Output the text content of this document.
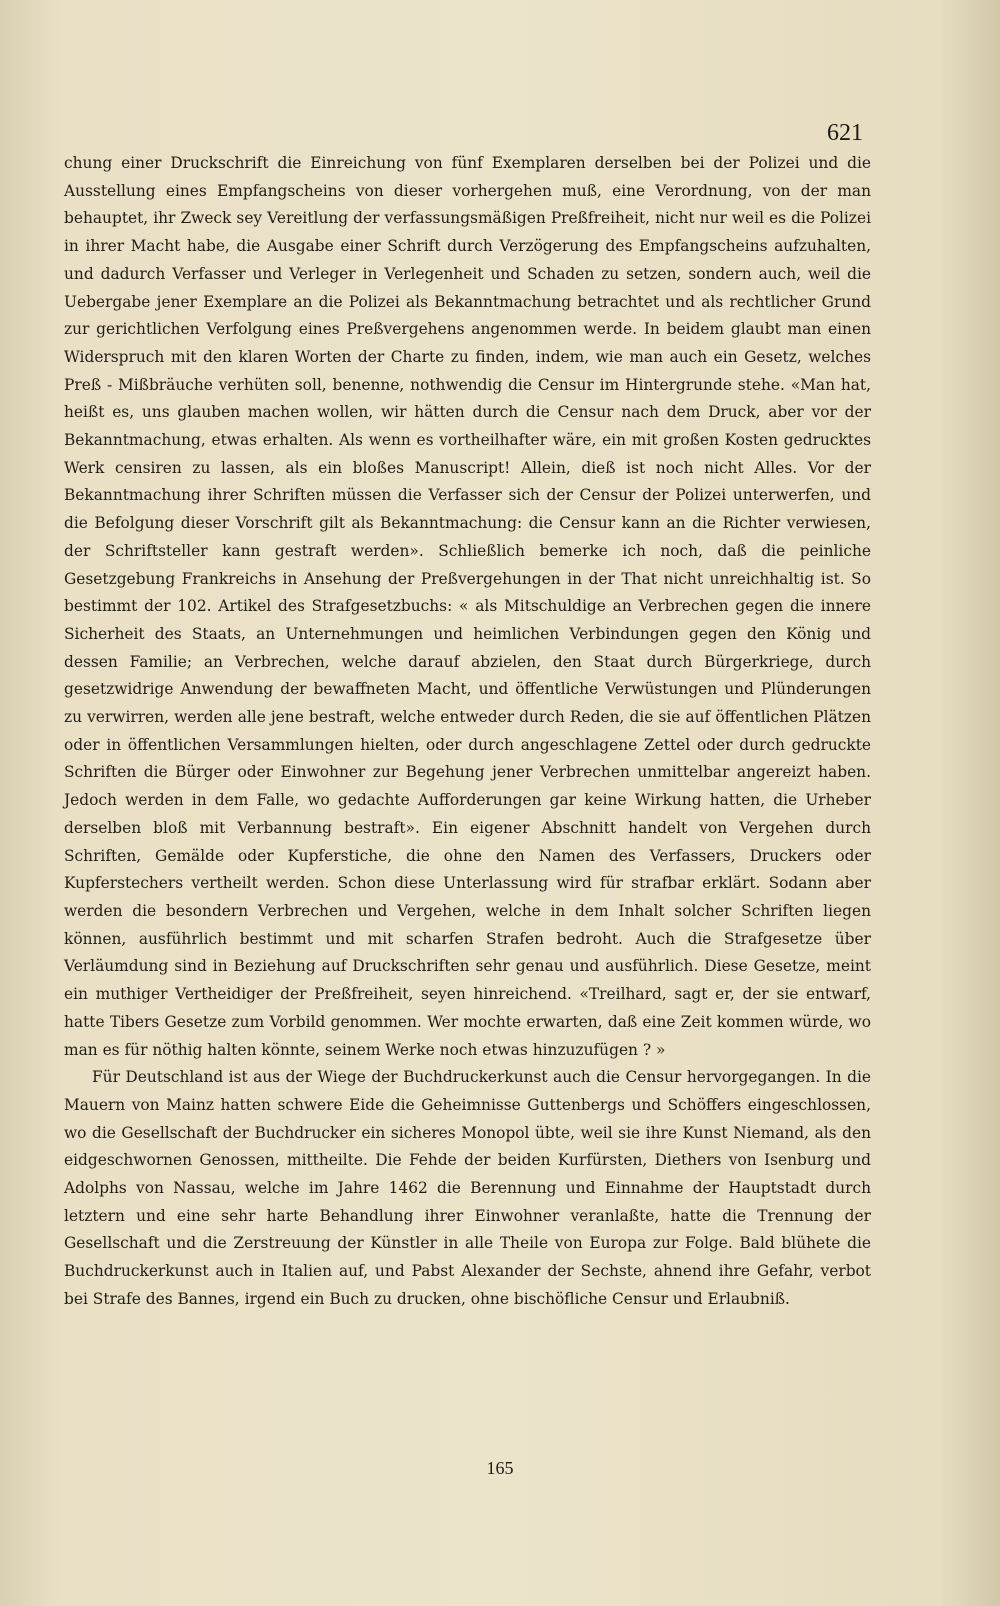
621

chung einer Druckschrift die Einreichung von fünf Exemplaren derselben bei der Polizei und die Ausstellung eines Empfangscheins von dieser vorhergehen muß, eine Verordnung, von der man behauptet, ihr Zweck sey Vereitlung der verfassungsmäßigen Preßfreiheit, nicht nur weil es die Polizei in ihrer Macht habe, die Ausgabe einer Schrift durch Verzögerung des Empfangscheins aufzuhalten, und dadurch Verfasser und Verleger in Verlegenheit und Schaden zu setzen, sondern auch, weil die Uebergabe jener Exemplare an die Polizei als Bekanntmachung betrachtet und als rechtlicher Grund zur gerichtlichen Verfolgung eines Preßvergehens angenommen werde. In beidem glaubt man einen Widerspruch mit den klaren Worten der Charte zu finden, indem, wie man auch ein Gesetz, welches Preß - Mißbräuche verhüten soll, benenne, nothwendig die Censur im Hintergrunde stehe. «Man hat, heißt es, uns glauben machen wollen, wir hätten durch die Censur nach dem Druck, aber vor der Bekanntmachung, etwas erhalten. Als wenn es vortheilhafter wäre, ein mit großen Kosten gedrucktes Werk censiren zu lassen, als ein bloßes Manuscript! Allein, dieß ist noch nicht Alles. Vor der Bekanntmachung ihrer Schriften müssen die Verfasser sich der Censur der Polizei unterwerfen, und die Befolgung dieser Vorschrift gilt als Bekanntmachung: die Censur kann an die Richter verwiesen, der Schriftsteller kann gestraft werden». Schließlich bemerke ich noch, daß die peinliche Gesetzgebung Frankreichs in Ansehung der Preßvergehungen in der That nicht unreichhaltig ist. So bestimmt der 102. Artikel des Strafgesetzbuchs: « als Mitschuldige an Verbrechen gegen die innere Sicherheit des Staats, an Unternehmungen und heimlichen Verbindungen gegen den König und dessen Familie; an Verbrechen, welche darauf abzielen, den Staat durch Bürgerkriege, durch gesetzwidrige Anwendung der bewaffneten Macht, und öffentliche Verwüstungen und Plünderungen zu verwirren, werden alle jene bestraft, welche entweder durch Reden, die sie auf öffentlichen Plätzen oder in öffentlichen Versammlungen hielten, oder durch angeschlagene Zettel oder durch gedruckte Schriften die Bürger oder Einwohner zur Begehung jener Verbrechen unmittelbar angereizt haben. Jedoch werden in dem Falle, wo gedachte Aufforderungen gar keine Wirkung hatten, die Urheber derselben bloß mit Verbannung bestraft». Ein eigener Abschnitt handelt von Vergehen durch Schriften, Gemälde oder Kupferstiche, die ohne den Namen des Verfassers, Druckers oder Kupferstechers vertheilt werden. Schon diese Unterlassung wird für strafbar erklärt. Sodann aber werden die besondern Verbrechen und Vergehen, welche in dem Inhalt solcher Schriften liegen können, ausführlich bestimmt und mit scharfen Strafen bedroht. Auch die Strafgesetze über Verläumdung sind in Beziehung auf Druckschriften sehr genau und ausführlich. Diese Gesetze, meint ein muthiger Vertheidiger der Preßfreiheit, seyen hinreichend. «Treilhard, sagt er, der sie entwarf, hatte Tibers Gesetze zum Vorbild genommen. Wer mochte erwarten, daß eine Zeit kommen würde, wo man es für nöthig halten könnte, seinem Werke noch etwas hinzuzufügen ? »

Für Deutschland ist aus der Wiege der Buchdruckerkunst auch die Censur hervorgegangen. In die Mauern von Mainz hatten schwere Eide die Geheimnisse Guttenbergs und Schöffers eingeschlossen, wo die Gesellschaft der Buchdrucker ein sicheres Monopol übte, weil sie ihre Kunst Niemand, als den eidgeschwornen Genossen, mittheilte. Die Fehde der beiden Kurfürsten, Diethers von Isenburg und Adolphs von Nassau, welche im Jahre 1462 die Berennung und Einnahme der Hauptstadt durch letztern und eine sehr harte Behandlung ihrer Einwohner veranlaßte, hatte die Trennung der Gesellschaft und die Zerstreuung der Künstler in alle Theile von Europa zur Folge. Bald blühete die Buchdruckerkunst auch in Italien auf, und Pabst Alexander der Sechste, ahnend ihre Gefahr, verbot bei Strafe des Bannes, irgend ein Buch zu drucken, ohne bischöfliche Censur und Erlaubniß.

165
